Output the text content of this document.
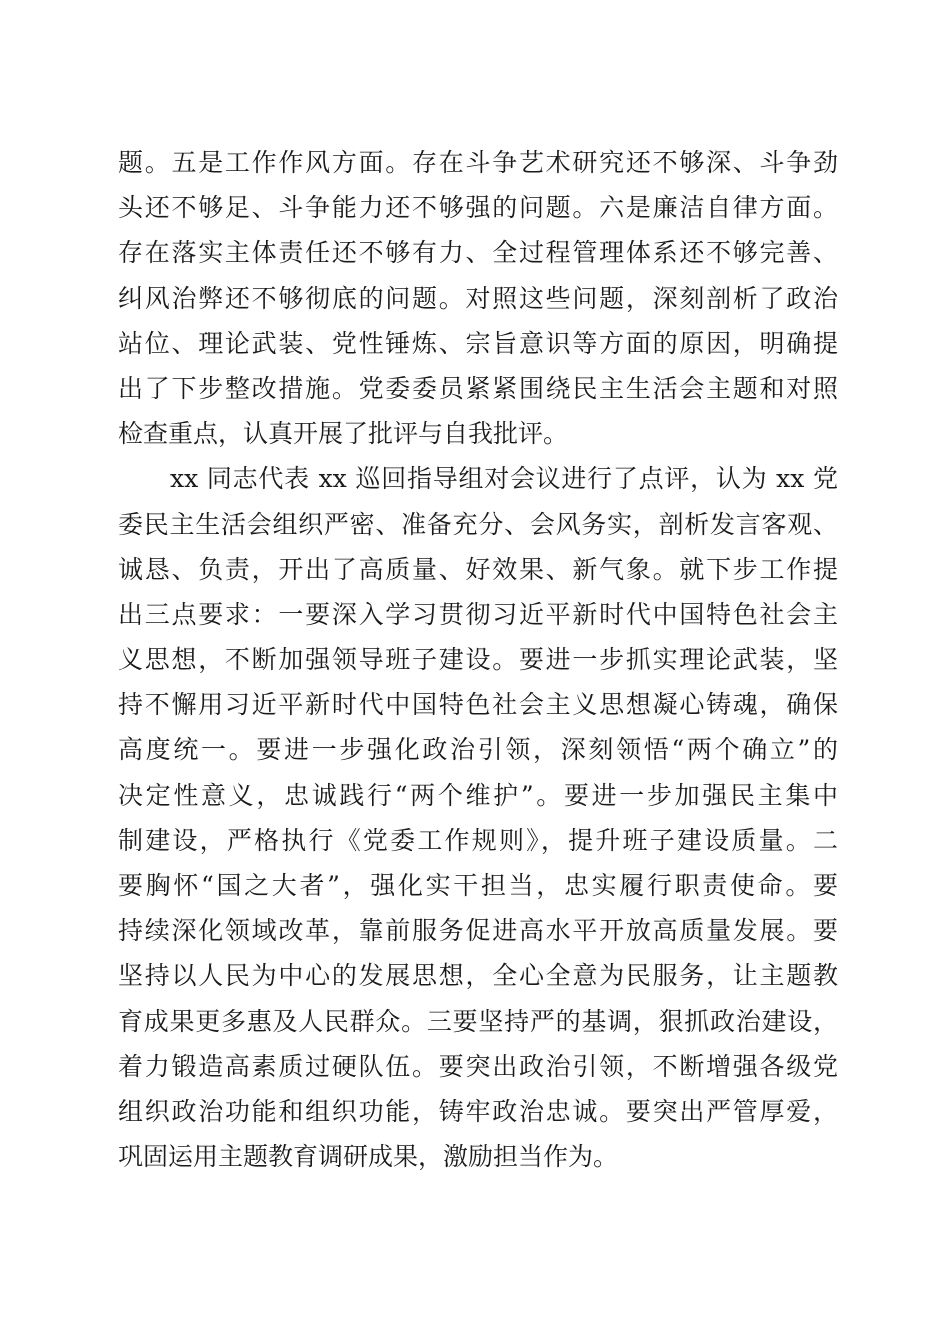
题。五是工作作风方面。存在斗争艺术研究还不够深、斗争劲
头还不够足、斗争能力还不够强的问题。六是廉洁自律方面。
存在落实主体责任还不够有力、全过程管理体系还不够完善、
纠风治弊还不够彻底的问题。对照这些问题，深刻剖析了政治
站位、理论武装、党性锤炼、宗旨意识等方面的原因，明确提
出了下步整改措施。党委委员紧紧围绕民主生活会主题和对照
检查重点，认真开展了批评与自我批评。
xx 同志代表 xx 巡回指导组对会议进行了点评，认为 xx 党
委民主生活会组织严密、准备充分、会风务实，剖析发言客观、
诚恳、负责，开出了高质量、好效果、新气象。就下步工作提
出三点要求：一要深入学习贯彻习近平新时代中国特色社会主
义思想，不断加强领导班子建设。要进一步抓实理论武装，坚
持不懈用习近平新时代中国特色社会主义思想凝心铸魂，确保
高度统一。要进一步强化政治引领，深刻领悟“两个确立”的
决定性意义，忠诚践行“两个维护”。要进一步加强民主集中
制建设，严格执行《党委工作规则》，提升班子建设质量。二
要胸怀“国之大者”，强化实干担当，忠实履行职责使命。要
持续深化领域改革，靠前服务促进高水平开放高质量发展。要
坚持以人民为中心的发展思想，全心全意为民服务，让主题教
育成果更多惠及人民群众。三要坚持严的基调，狠抓政治建设，
着力锻造高素质过硬队伍。要突出政治引领，不断增强各级党
组织政治功能和组织功能，铸牢政治忠诚。要突出严管厚爱，
巩固运用主题教育调研成果，激励担当作为。
